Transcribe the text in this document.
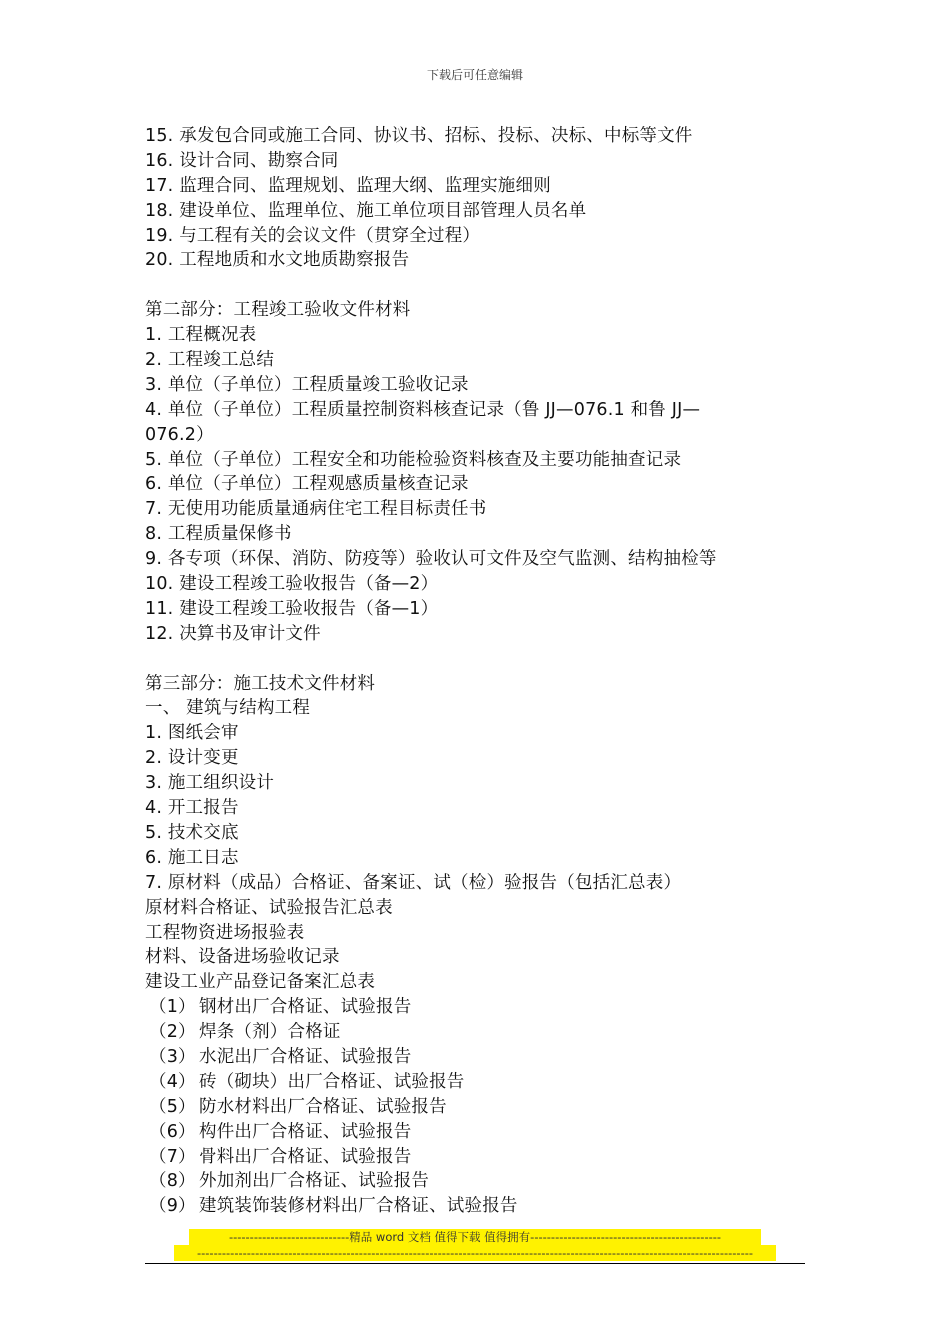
下载后可任意编辑
15. 承发包合同或施工合同、协议书、招标、投标、决标、中标等文件
16. 设计合同、勘察合同
17. 监理合同、监理规划、监理大纲、监理实施细则
18. 建设单位、监理单位、施工单位项目部管理人员名单
19. 与工程有关的会议文件（贯穿全过程）
20. 工程地质和水文地质勘察报告
第二部分：工程竣工验收文件材料
1. 工程概况表
2. 工程竣工总结
3. 单位（子单位）工程质量竣工验收记录
4. 单位（子单位）工程质量控制资料核查记录（鲁 JJ—076.1 和鲁 JJ—
076.2）
5. 单位（子单位）工程安全和功能检验资料核查及主要功能抽查记录
6. 单位（子单位）工程观感质量核查记录
7. 无使用功能质量通病住宅工程目标责任书
8. 工程质量保修书
9. 各专项（环保、消防、防疫等）验收认可文件及空气监测、结构抽检等
10. 建设工程竣工验收报告（备—2）
11. 建设工程竣工验收报告（备—1）
12. 决算书及审计文件
第三部分：施工技术文件材料
一、 建筑与结构工程
1. 图纸会审
2. 设计变更
3. 施工组织设计
4. 开工报告
5. 技术交底
6. 施工日志
7. 原材料（成品）合格证、备案证、试（检）验报告（包括汇总表）
原材料合格证、试验报告汇总表
工程物资进场报验表
材料、设备进场验收记录
建设工业产品登记备案汇总表
（1） 钢材出厂合格证、试验报告
（2） 焊条（剂）合格证
（3） 水泥出厂合格证、试验报告
（4） 砖（砌块）出厂合格证、试验报告
（5） 防水材料出厂合格证、试验报告
（6） 构件出厂合格证、试验报告
（7） 骨料出厂合格证、试验报告
（8） 外加剂出厂合格证、试验报告
（9） 建筑装饰装修材料出厂合格证、试验报告
-----------------------------精品 word 文档 值得下载 值得拥有----------------------------------------------
--------------------------------------------------------------------------------------------------------------------------------------
